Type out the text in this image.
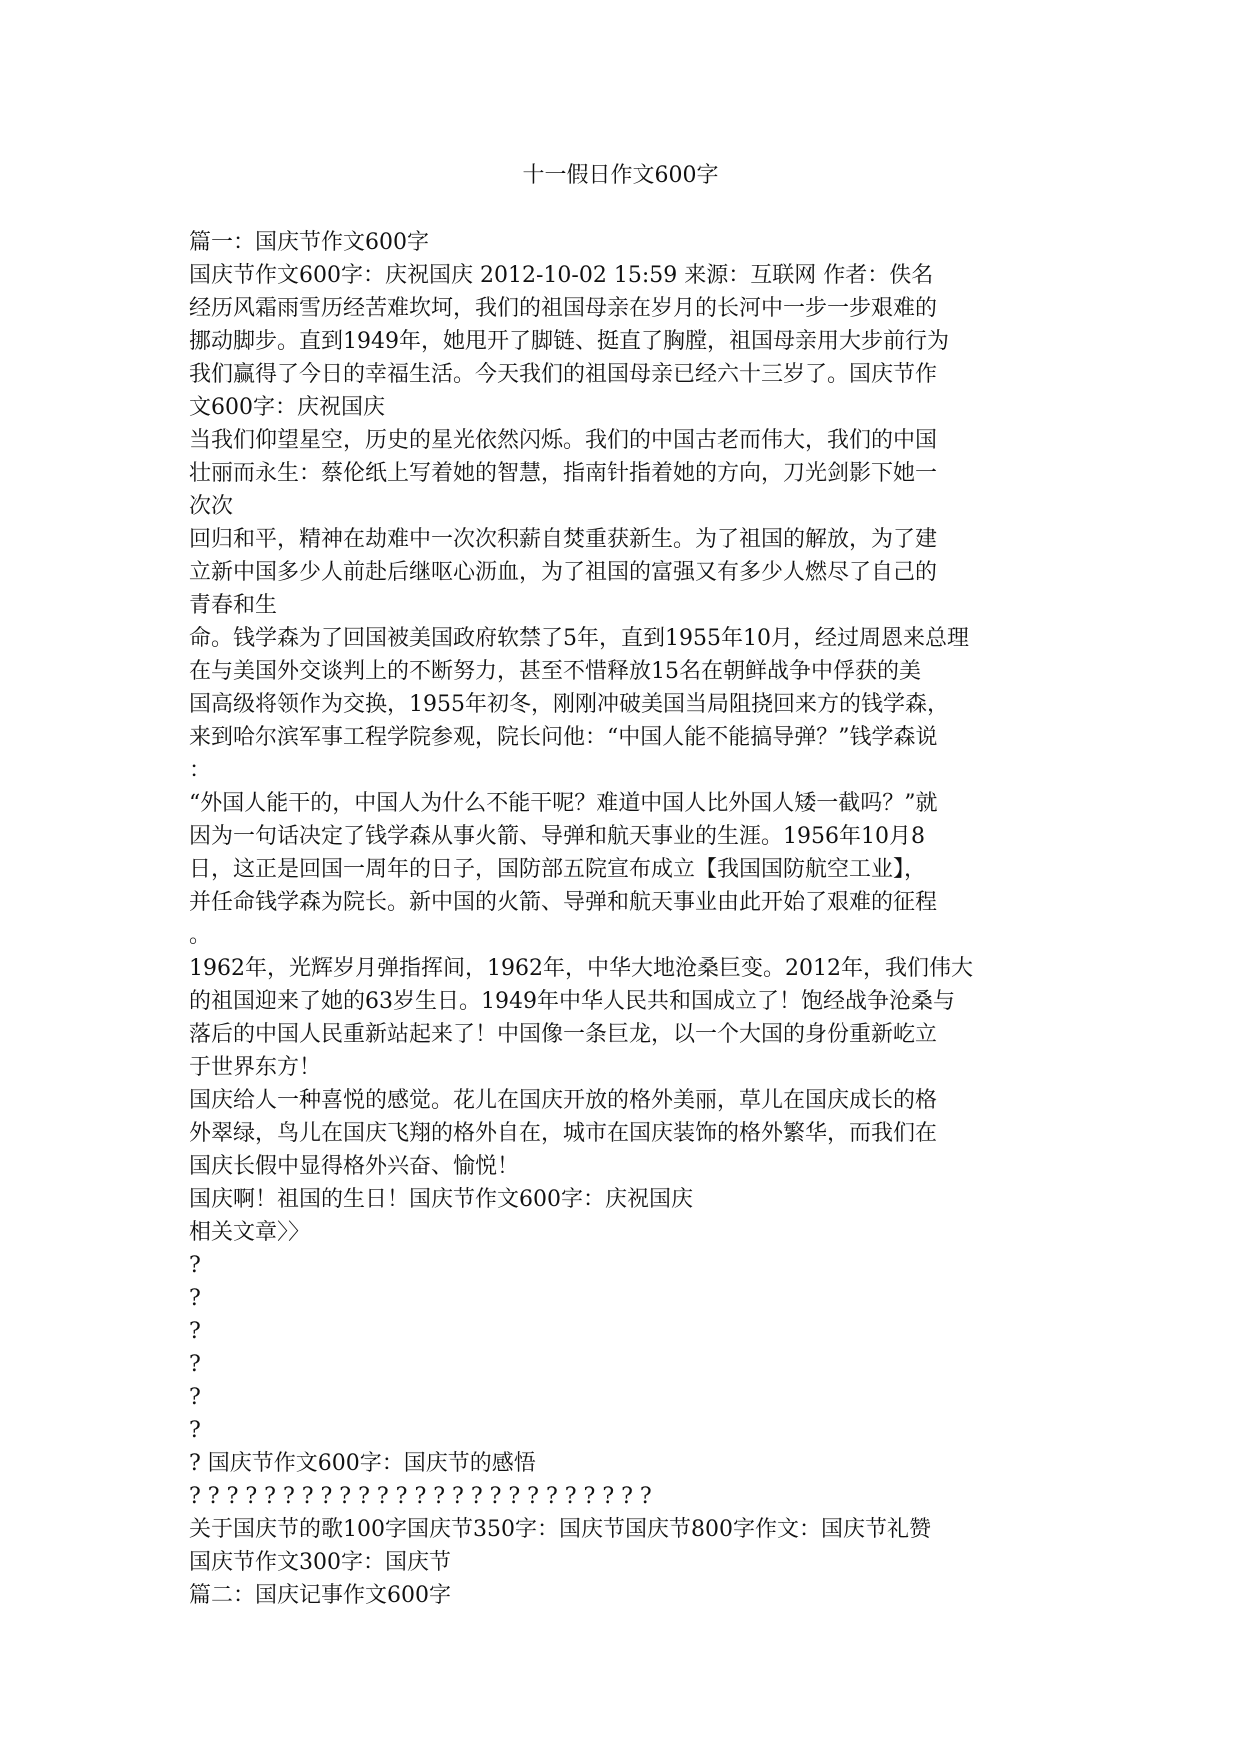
十一假日作文600字
篇一：国庆节作文600字
国庆节作文600字：庆祝国庆 2012-10-02 15:59 来源：互联网 作者：佚名
经历风霜雨雪历经苦难坎坷，我们的祖国母亲在岁月的长河中一步一步艰难的
挪动脚步。直到1949年，她甩开了脚链、挺直了胸膛，祖国母亲用大步前行为
我们赢得了今日的幸福生活。今天我们的祖国母亲已经六十三岁了。国庆节作
文600字：庆祝国庆
当我们仰望星空，历史的星光依然闪烁。我们的中国古老而伟大，我们的中国
壮丽而永生：蔡伦纸上写着她的智慧，指南针指着她的方向，刀光剑影下她一
次次
回归和平，精神在劫难中一次次积薪自焚重获新生。为了祖国的解放，为了建
立新中国多少人前赴后继呕心沥血，为了祖国的富强又有多少人燃尽了自己的
青春和生
命。钱学森为了回国被美国政府软禁了5年，直到1955年10月，经过周恩来总理
在与美国外交谈判上的不断努力，甚至不惜释放15名在朝鲜战争中俘获的美
国高级将领作为交换，1955年初冬，刚刚冲破美国当局阻挠回来方的钱学森，
来到哈尔滨军事工程学院参观，院长问他：“中国人能不能搞导弹？”钱学森说
：
“外国人能干的，中国人为什么不能干呢？难道中国人比外国人矮一截吗？”就
因为一句话决定了钱学森从事火箭、导弹和航天事业的生涯。1956年10月8
日，这正是回国一周年的日子，国防部五院宣布成立【我国国防航空工业】，
并任命钱学森为院长。新中国的火箭、导弹和航天事业由此开始了艰难的征程
。
1962年，光辉岁月弹指挥间，1962年，中华大地沧桑巨变。2012年，我们伟大
的祖国迎来了她的63岁生日。1949年中华人民共和国成立了！饱经战争沧桑与
落后的中国人民重新站起来了！中国像一条巨龙，以一个大国的身份重新屹立
于世界东方！
国庆给人一种喜悦的感觉。花儿在国庆开放的格外美丽，草儿在国庆成长的格
外翠绿，鸟儿在国庆飞翔的格外自在，城市在国庆装饰的格外繁华，而我们在
国庆长假中显得格外兴奋、愉悦！
国庆啊！祖国的生日！国庆节作文600字：庆祝国庆
相关文章〉〉
?
?
?
?
?
?
? 国庆节作文600字：国庆节的感悟
? ? ? ? ? ? ? ? ? ? ? ? ? ? ? ? ? ? ? ? ? ? ? ? ?
关于国庆节的歌100字国庆节350字：国庆节国庆节800字作文：国庆节礼赞
国庆节作文300字：国庆节
篇二：国庆记事作文600字
